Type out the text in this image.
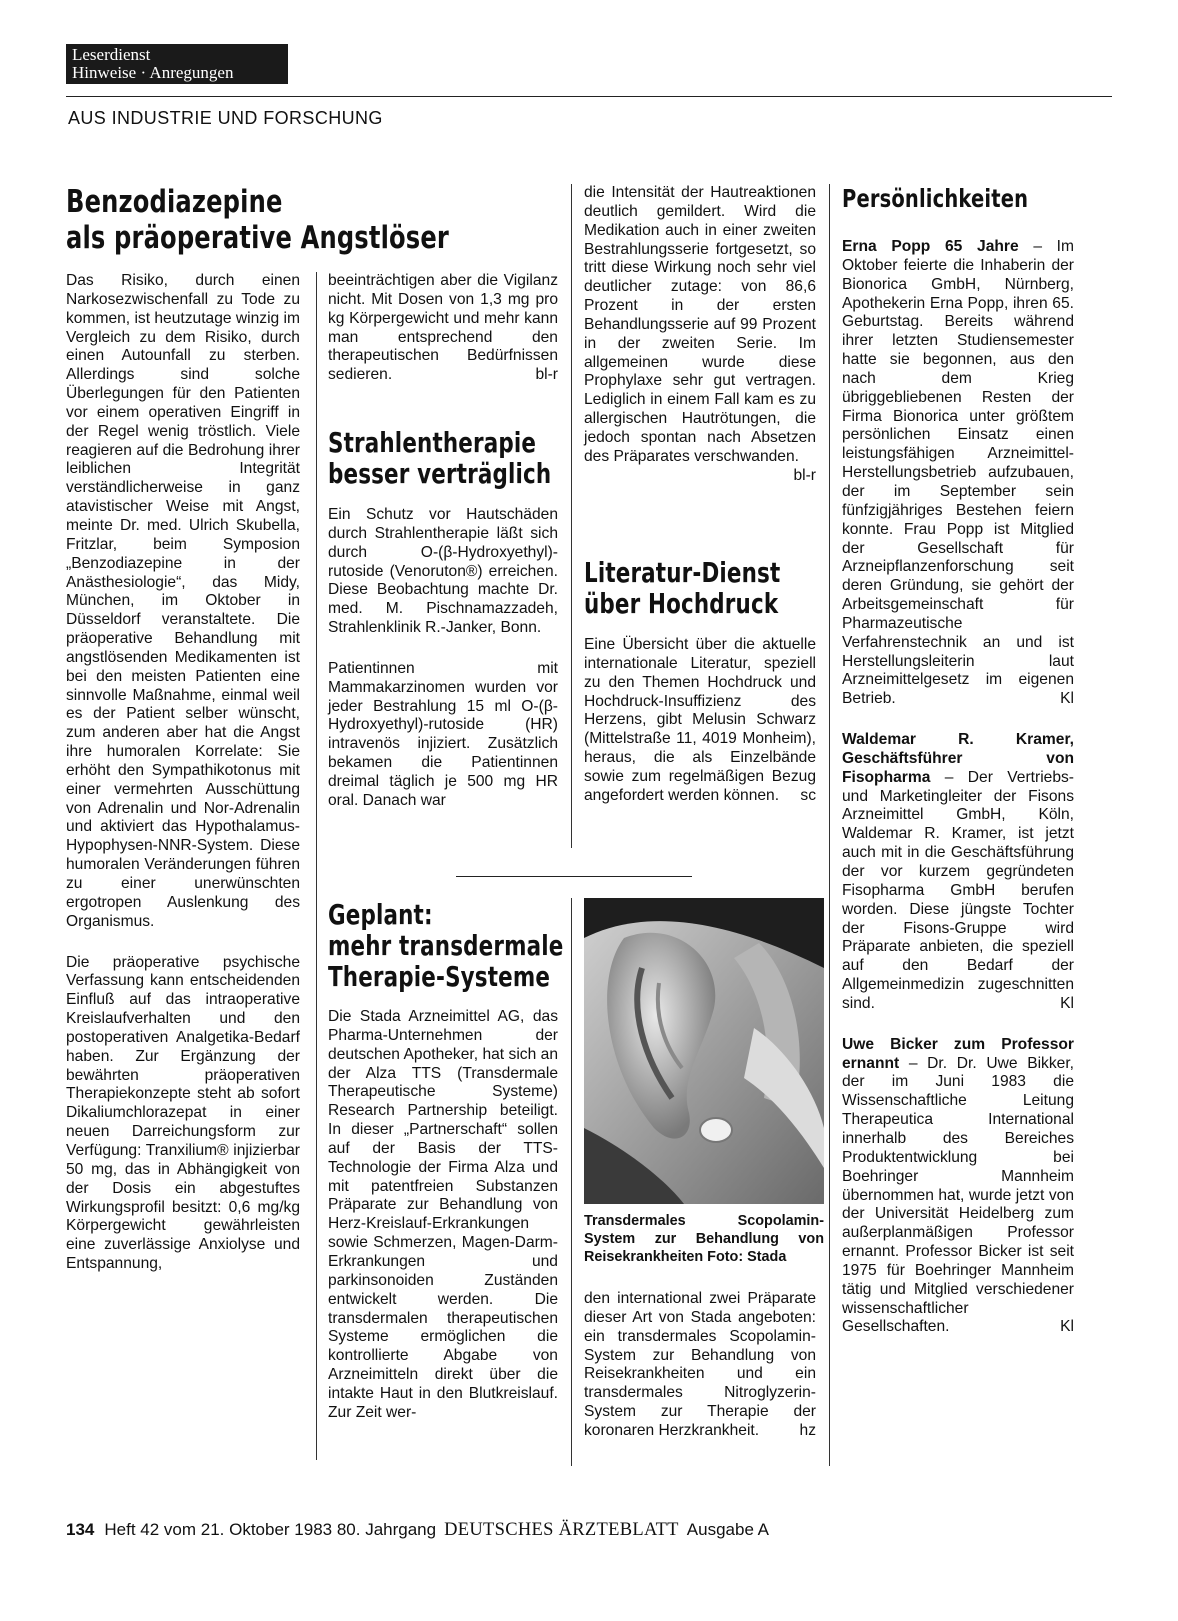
Leserdienst
Hinweise · Anregungen
AUS INDUSTRIE UND FORSCHUNG
Benzodiazepine
als präoperative Angstlöser

Das Risiko, durch einen Narkosezwischenfall zu Tode zu kommen, ist heutzutage winzig im Vergleich zu dem Risiko, durch einen Autounfall zu sterben. Allerdings sind solche Überlegungen für den Patienten vor einem operativen Eingriff in der Regel wenig tröstlich. Viele reagieren auf die Bedrohung ihrer leiblichen Integrität verständlicherweise in ganz atavistischer Weise mit Angst, meinte Dr. med. Ulrich Skubella, Fritzlar, beim Symposion „Benzodiazepine in der Anästhesiologie“, das Midy, München, im Oktober in Düsseldorf veranstaltete. Die präoperative Behandlung mit angstlösenden Medikamenten ist bei den meisten Patienten eine sinnvolle Maßnahme, einmal weil es der Patient selber wünscht, zum anderen aber hat die Angst ihre humoralen Korrelate: Sie erhöht den Sympathikotonus mit einer vermehrten Ausschüttung von Adrenalin und Nor-Adrenalin und aktiviert das Hypothalamus-Hypophysen-NNR-System. Diese humoralen Veränderungen führen zu einer unerwünschten ergotropen Auslenkung des Organismus.

Die präoperative psychische Verfassung kann entscheidenden Einfluß auf das intraoperative Kreislaufverhalten und den postoperativen Analgetika-Bedarf haben. Zur Ergänzung der bewährten präoperativen Therapiekonzepte steht ab sofort Dikaliumchlorazepat in einer neuen Darreichungsform zur Verfügung: Tranxilium® injizierbar 50 mg, das in Abhängigkeit von der Dosis ein abgestuftes Wirkungsprofil besitzt: 0,6 mg/kg Körpergewicht gewährleisten eine zuverlässige Anxiolyse und Entspannung,

beeinträchtigen aber die Vigilanz nicht. Mit Dosen von 1,3 mg pro kg Körpergewicht und mehr kann man entsprechend den therapeutischen Bedürfnissen sedieren.	bl-r

Strahlentherapie
besser verträglich

Ein Schutz vor Hautschäden durch Strahlentherapie läßt sich durch O-(β-Hydroxyethyl)-rutoside (Venoruton®) erreichen. Diese Beobachtung machte Dr. med. M. Pischnamazzadeh, Strahlenklinik R.-Janker, Bonn.

Patientinnen mit Mammakarzinomen wurden vor jeder Bestrahlung 15 ml O-(β-Hydroxyethyl)-rutoside (HR) intravenös injiziert. Zusätzlich bekamen die Patientinnen dreimal täglich je 500 mg HR oral. Danach war

die Intensität der Hautreaktionen deutlich gemildert. Wird die Medikation auch in einer zweiten Bestrahlungsserie fortgesetzt, so tritt diese Wirkung noch sehr viel deutlicher zutage: von 86,6 Prozent in der ersten Behandlungsserie auf 99 Prozent in der zweiten Serie. Im allgemeinen wurde diese Prophylaxe sehr gut vertragen. Lediglich in einem Fall kam es zu allergischen Hautrötungen, die jedoch spontan nach Absetzen des Präparates verschwanden.
bl-r

Literatur-Dienst
über Hochdruck

Eine Übersicht über die aktuelle internationale Literatur, speziell zu den Themen Hochdruck und Hochdruck-Insuffizienz des Herzens, gibt Melusin Schwarz (Mittelstraße 11, 4019 Monheim), heraus, die als Einzelbände sowie zum regelmäßigen Bezug angefordert werden können. sc

Geplant:
mehr transdermale
Therapie-Systeme

Die Stada Arzneimittel AG, das Pharma-Unternehmen der deutschen Apotheker, hat sich an der Alza TTS (Transdermale Therapeutische Systeme) Research Partnership beteiligt. In dieser „Partnerschaft“ sollen auf der Basis der TTS-Technologie der Firma Alza und mit patentfreien Substanzen Präparate zur Behandlung von Herz-Kreislauf-Erkrankungen sowie Schmerzen, Magen-Darm-Erkrankungen und parkinsonoiden Zuständen entwickelt werden. Die transdermalen therapeutischen Systeme ermöglichen die kontrollierte Abgabe von Arzneimitteln direkt über die intakte Haut in den Blutkreislauf. Zur Zeit wer-

Transdermales Scopolamin-System zur Behandlung von Reisekrankheiten Foto: Stada

den international zwei Präparate dieser Art von Stada angeboten: ein transdermales Scopolamin-System zur Behandlung von Reisekrankheiten und ein transdermales Nitroglyzerin-System zur Therapie der koronaren Herzkrankheit.	hz

Persönlichkeiten

Erna Popp 65 Jahre – Im Oktober feierte die Inhaberin der Bionorica GmbH, Nürnberg, Apothekerin Erna Popp, ihren 65. Geburtstag. Bereits während ihrer letzten Studiensemester hatte sie begonnen, aus den nach dem Krieg übriggebliebenen Resten der Firma Bionorica unter größtem persönlichen Einsatz einen leistungsfähigen Arzneimittel-Herstellungsbetrieb aufzubauen, der im September sein fünfzigjähriges Bestehen feiern konnte. Frau Popp ist Mitglied der Gesellschaft für Arzneipflanzenforschung seit deren Gründung, sie gehört der Arbeitsgemeinschaft für Pharmazeutische Verfahrenstechnik an und ist Herstellungsleiterin laut Arzneimittelgesetz im eigenen Betrieb.	Kl

Waldemar R. Kramer, Geschäftsführer von Fisopharma – Der Vertriebs- und Marketingleiter der Fisons Arzneimittel GmbH, Köln, Waldemar R. Kramer, ist jetzt auch mit in die Geschäftsführung der vor kurzem gegründeten Fisopharma GmbH berufen worden. Diese jüngste Tochter der Fisons-Gruppe wird Präparate anbieten, die speziell auf den Bedarf der Allgemeinmedizin zugeschnitten sind.	Kl

Uwe Bicker zum Professor ernannt – Dr. Dr. Uwe Bikker, der im Juni 1983 die Wissenschaftliche Leitung Therapeutica International innerhalb des Bereiches Produktentwicklung bei Boehringer Mannheim übernommen hat, wurde jetzt von der Universität Heidelberg zum außerplanmäßigen Professor ernannt. Professor Bicker ist seit 1975 für Boehringer Mannheim tätig und Mitglied verschiedener wissenschaftlicher Gesellschaften.	Kl

134 Heft 42 vom 21. Oktober 1983 80. Jahrgang DEUTSCHES ÄRZTEBLATT Ausgabe A
